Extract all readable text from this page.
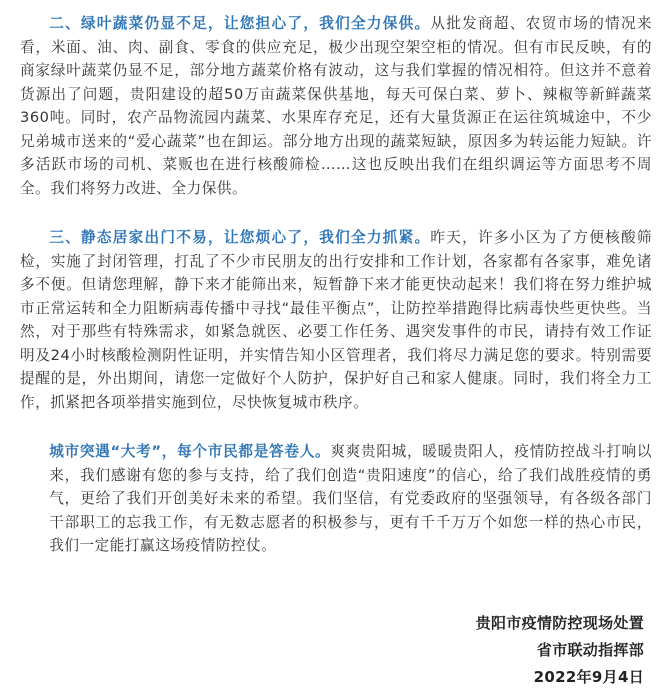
二、绿叶蔬菜仍显不足，让您担心了，我们全力保供。从批发商超、农贸市场的情况来看，米面、油、肉、副食、零食的供应充足，极少出现空架空柜的情况。但有市民反映，有的商家绿叶蔬菜仍显不足，部分地方蔬菜价格有波动，这与我们掌握的情况相符。但这并不意着货源出了问题，贵阳建设的超50万亩蔬菜保供基地，每天可保白菜、萝卜、辣椒等新鲜蔬菜360吨。同时，农产品物流园内蔬菜、水果库存充足，还有大量货源正在运往筑城途中，不少兄弟城市送来的“爱心蔬菜”也在卸运。部分地方出现的蔬菜短缺，原因多为转运能力短缺。许多活跃市场的司机、菜贩也在进行核酸筛检……这也反映出我们在组织调运等方面思考不周全。我们将努力改进、全力保供。

三、静态居家出门不易，让您烦心了，我们全力抓紧。昨天，许多小区为了方便核酸筛检，实施了封闭管理，打乱了不少市民朋友的出行安排和工作计划，各家都有各家事，难免诸多不便。但请您理解，静下来才能筛出来，短暂静下来才能更快动起来！我们将在努力维护城市正常运转和全力阻断病毒传播中寻找“最佳平衡点”，让防控举措跑得比病毒快些更快些。当然，对于那些有特殊需求，如紧急就医、必要工作任务、遇突发事件的市民，请持有效工作证明及24小时核酸检测阴性证明，并实情告知小区管理者，我们将尽力满足您的要求。特别需要提醒的是，外出期间，请您一定做好个人防护，保护好自己和家人健康。同时，我们将全力工作，抓紧把各项举措实施到位，尽快恢复城市秩序。

城市突遇“大考”，每个市民都是答卷人。爽爽贵阳城，暖暖贵阳人，疫情防控战斗打响以来，我们感谢有您的参与支持，给了我们创造“贵阳速度”的信心，给了我们战胜疫情的勇气，更给了我们开创美好未来的希望。我们坚信，有党委政府的坚强领导，有各级各部门干部职工的忘我工作，有无数志愿者的积极参与，更有千千万万个如您一样的热心市民，我们一定能打赢这场疫情防控仗。

贵阳市疫情防控现场处置
省市联动指挥部
2022年9月4日
